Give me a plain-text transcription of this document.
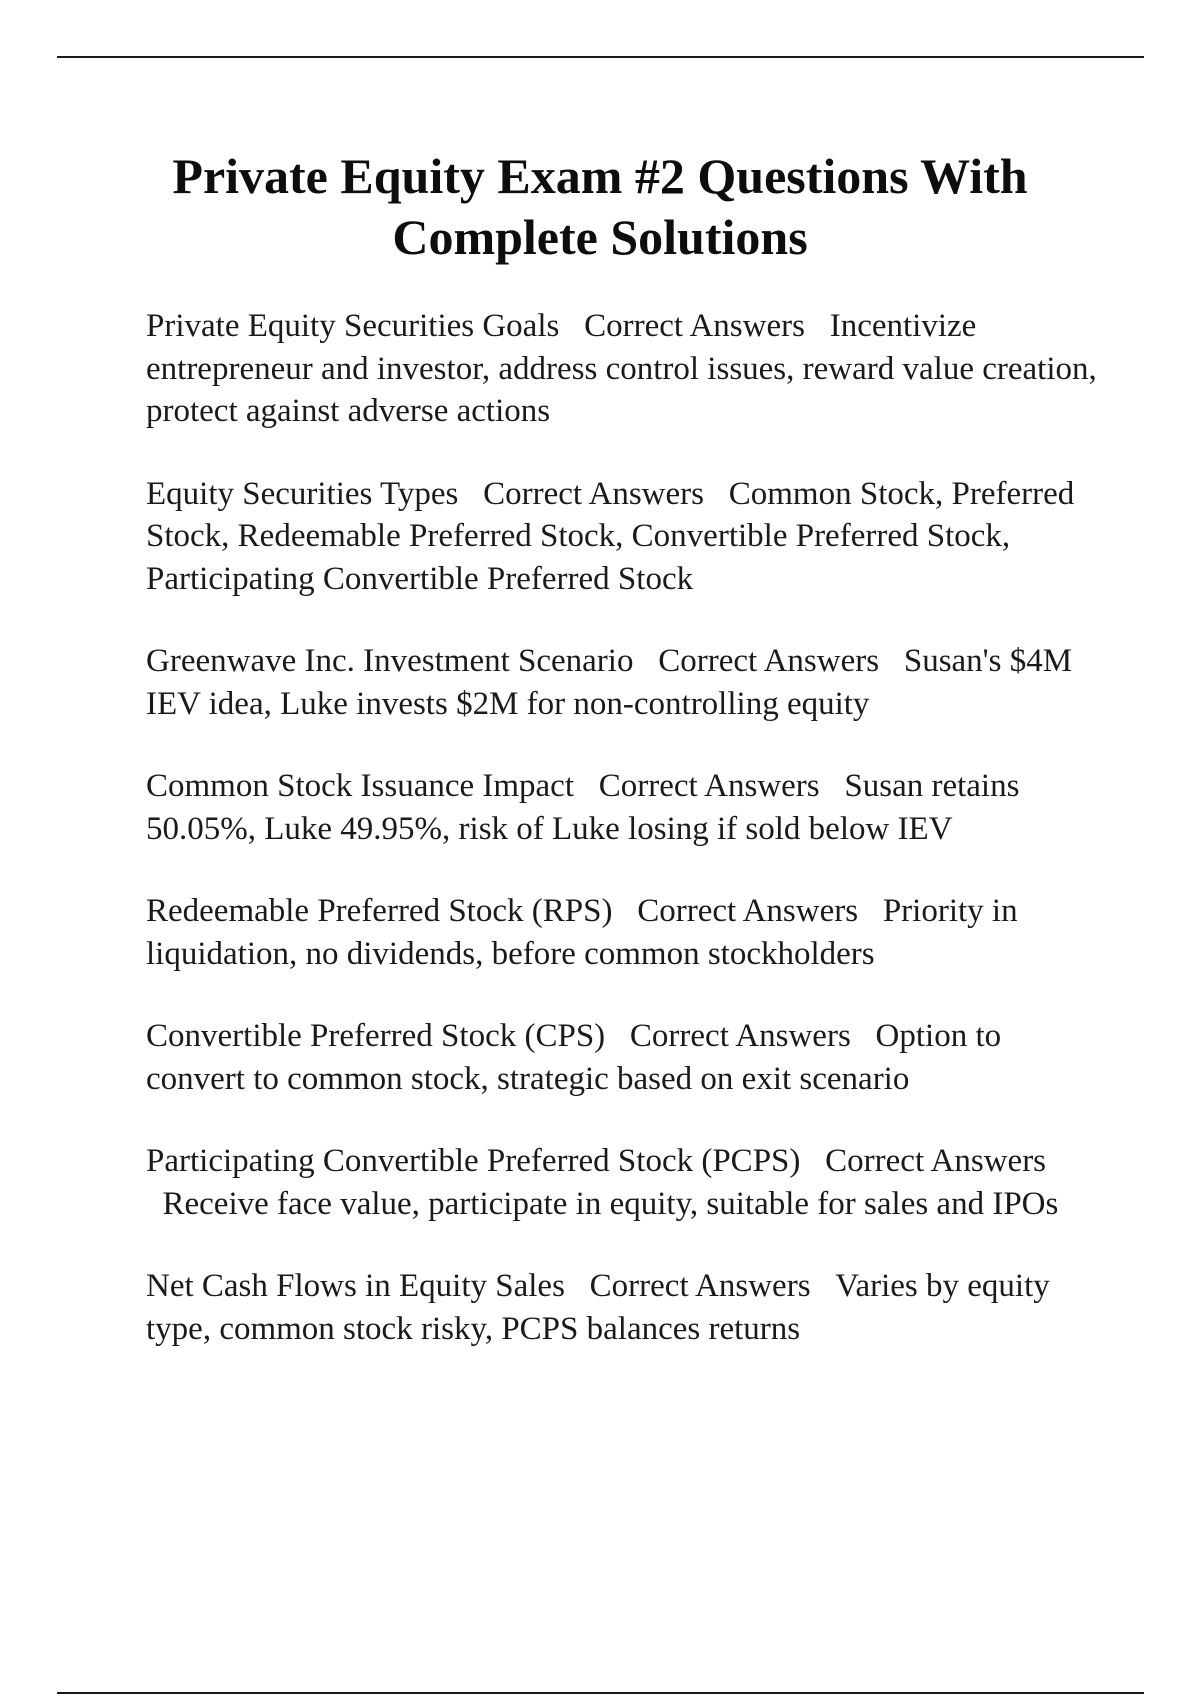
Private Equity Exam #2 Questions With
Complete Solutions
Private Equity Securities Goals Correct Answers Incentivize entrepreneur and investor, address control issues, reward value creation, protect against adverse actions
Equity Securities Types Correct Answers Common Stock, Preferred Stock, Redeemable Preferred Stock, Convertible Preferred Stock, Participating Convertible Preferred Stock
Greenwave Inc. Investment Scenario Correct Answers Susan's $4M IEV idea, Luke invests $2M for non-controlling equity
Common Stock Issuance Impact Correct Answers Susan retains 50.05%, Luke 49.95%, risk of Luke losing if sold below IEV
Redeemable Preferred Stock (RPS) Correct Answers Priority in liquidation, no dividends, before common stockholders
Convertible Preferred Stock (CPS) Correct Answers Option to convert to common stock, strategic based on exit scenario
Participating Convertible Preferred Stock (PCPS) Correct Answers Receive face value, participate in equity, suitable for sales and IPOs
Net Cash Flows in Equity Sales Correct Answers Varies by equity type, common stock risky, PCPS balances returns
